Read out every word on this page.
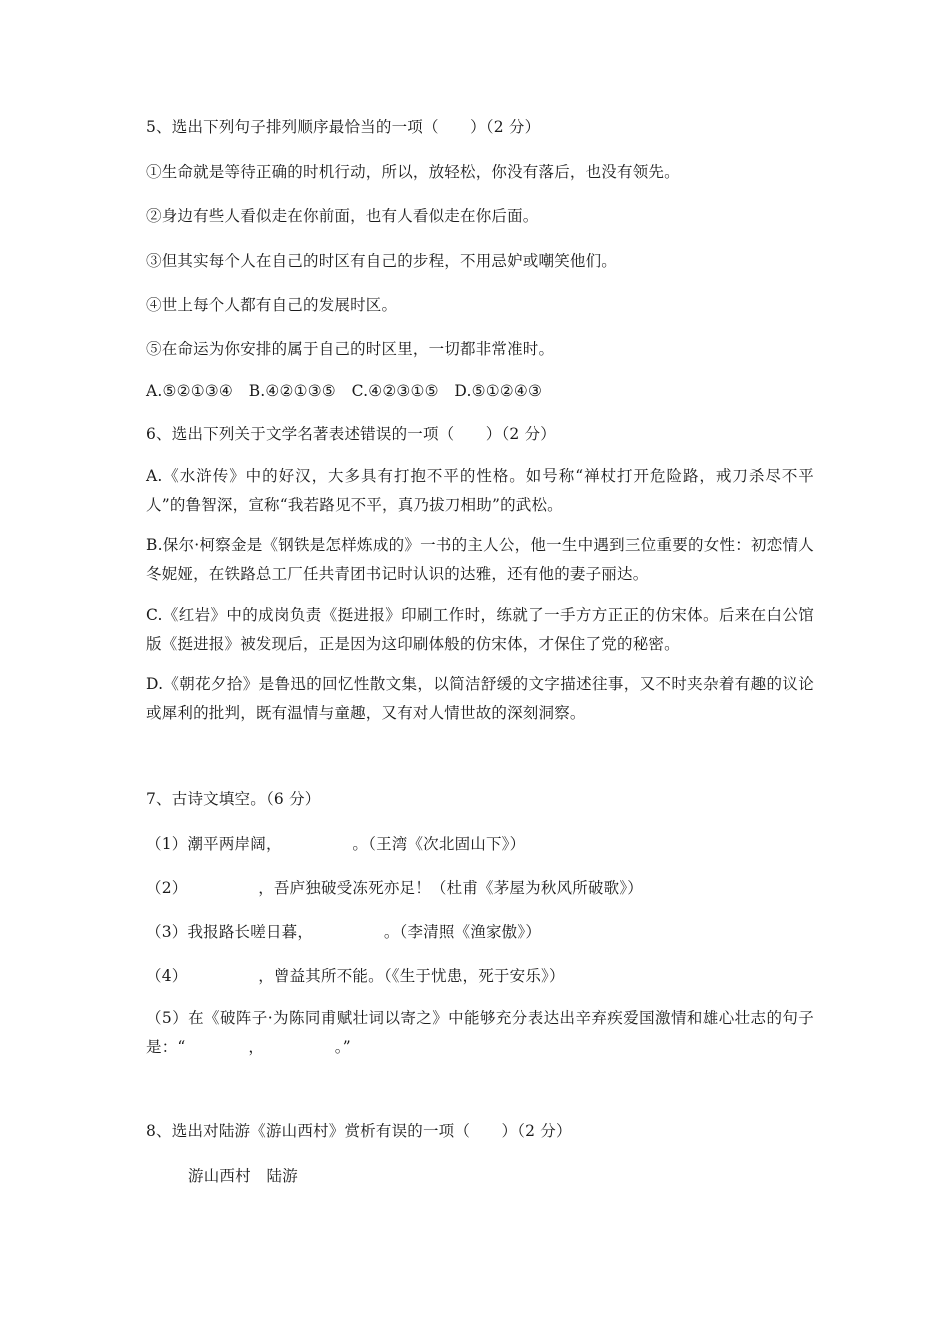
5、选出下列句子排列顺序最恰当的一项（　　）（2 分）
①生命就是等待正确的时机行动，所以，放轻松，你没有落后，也没有领先。
②身边有些人看似走在你前面，也有人看似走在你后面。
③但其实每个人在自己的时区有自己的步程，不用忌妒或嘲笑他们。
④世上每个人都有自己的发展时区。
⑤在命运为你安排的属于自己的时区里，一切都非常准时。
A.⑤②①③④　B.④②①③⑤　C.④②③①⑤　D.⑤①②④③
6、选出下列关于文学名著表述错误的一项（　　）（2 分）
A.《水浒传》中的好汉，大多具有打抱不平的性格。如号称“禅杖打开危险路，戒刀杀尽不平人”的鲁智深，宣称“我若路见不平，真乃拔刀相助”的武松。
B.保尔·柯察金是《钢铁是怎样炼成的》一书的主人公，他一生中遇到三位重要的女性：初恋情人冬妮娅，在铁路总工厂任共青团书记时认识的达雅，还有他的妻子丽达。
C.《红岩》中的成岗负责《挺进报》印刷工作时，练就了一手方方正正的仿宋体。后来在白公馆版《挺进报》被发现后，正是因为这印刷体般的仿宋体，才保住了党的秘密。
D.《朝花夕拾》是鲁迅的回忆性散文集，以简洁舒缓的文字描述往事，又不时夹杂着有趣的议论或犀利的批判，既有温情与童趣，又有对人情世故的深刻洞察。
7、古诗文填空。（6 分）
（1）潮平两岸阔，　　　　　。（王湾《次北固山下》）
（2）　　　　　，吾庐独破受冻死亦足！（杜甫《茅屋为秋风所破歌》）
（3）我报路长嗟日暮，　　　　　。（李清照《渔家傲》）
（4）　　　　　，曾益其所不能。（《生于忧患，死于安乐》）
（5）在《破阵子·为陈同甫赋壮词以寄之》中能够充分表达出辛弃疾爱国激情和雄心壮志的句子是：“　　　　，　　　　　。”
8、选出对陆游《游山西村》赏析有误的一项（　　）（2 分）
游山西村　陆游
